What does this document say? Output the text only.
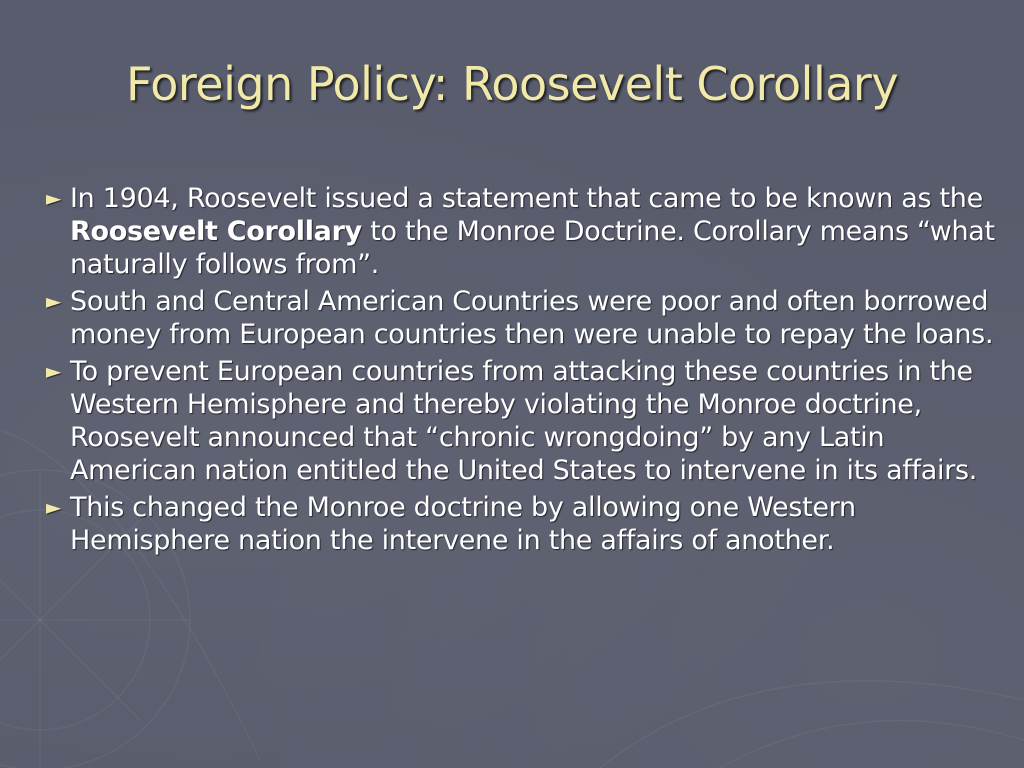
Foreign Policy: Roosevelt Corollary
► In 1904, Roosevelt issued a statement that came to be known as the Roosevelt Corollary to the Monroe Doctrine. Corollary means “what naturally follows from”.
► South and Central American Countries were poor and often borrowed money from European countries then were unable to repay the loans.
► To prevent European countries from attacking these countries in the Western Hemisphere and thereby violating the Monroe doctrine, Roosevelt announced that “chronic wrongdoing” by any Latin American nation entitled the United States to intervene in its affairs.
► This changed the Monroe doctrine by allowing one Western Hemisphere nation the intervene in the affairs of another.
